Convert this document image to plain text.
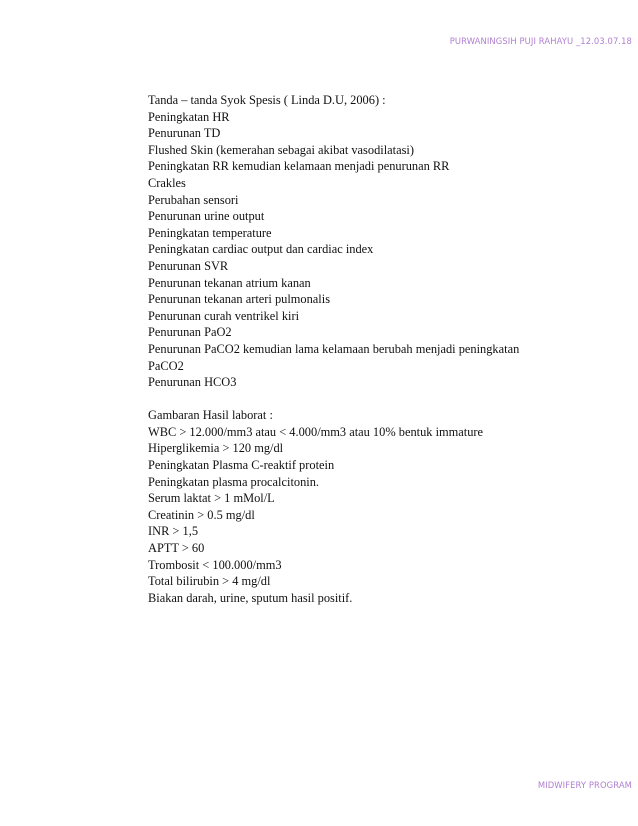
PURWANINGSIH PUJI RAHAYU _12.03.07.18
Tanda – tanda Syok Spesis ( Linda D.U, 2006) :
Peningkatan HR
Penurunan TD
Flushed Skin (kemerahan sebagai akibat vasodilatasi)
Peningkatan RR kemudian kelamaan menjadi penurunan RR
Crakles
Perubahan sensori
Penurunan urine output
Peningkatan temperature
Peningkatan cardiac output dan cardiac index
Penurunan SVR
Penurunan tekanan atrium kanan
Penurunan tekanan arteri pulmonalis
Penurunan curah ventrikel kiri
Penurunan PaO2
Penurunan PaCO2 kemudian lama kelamaan berubah menjadi peningkatan
PaCO2
Penurunan HCO3
Gambaran Hasil laborat :
WBC > 12.000/mm3 atau < 4.000/mm3 atau 10% bentuk immature
Hiperglikemia > 120 mg/dl
Peningkatan Plasma C-reaktif protein
Peningkatan plasma procalcitonin.
Serum laktat > 1 mMol/L
Creatinin > 0.5 mg/dl
INR > 1,5
APTT > 60
Trombosit < 100.000/mm3
Total bilirubin > 4 mg/dl
Biakan darah, urine, sputum hasil positif.
MIDWIFERY PROGRAM
